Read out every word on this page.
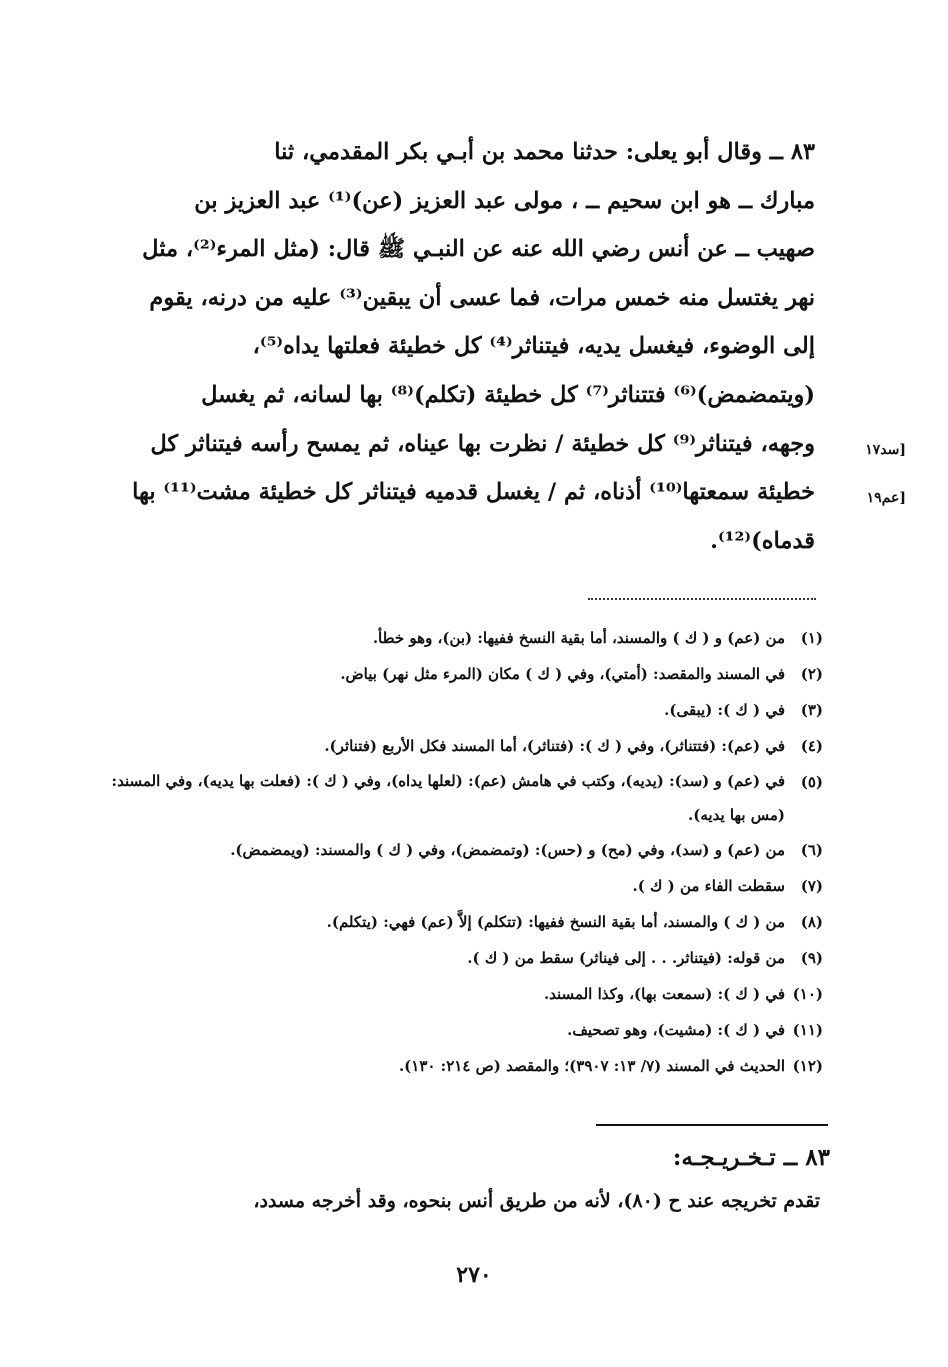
٨٣ ــ وقال أبو يعلى: حدثنا محمد بن أبـي بكر المقدمي، ثنا
مبارك ــ هو ابن سحيم ــ ، مولى عبد العزيز (عن)⁽¹⁾ عبد العزيز بن
صهيب ــ عن أنس رضي الله عنه عن النبـي ﷺ قال: (مثل المرء⁽²⁾، مثل
نهر يغتسل منه خمس مرات، فما عسى أن يبقين⁽³⁾ عليه من درنه، يقوم
إلى الوضوء، فيغسل يديه، فيتناثر⁽⁴⁾ كل خطيئة فعلتها يداه⁽⁵⁾،
(ويتمضمض)⁽⁶⁾ فتتناثر⁽⁷⁾ كل خطيئة (تكلم)⁽⁸⁾ بها لسانه، ثم يغسل
وجهه، فيتناثر⁽⁹⁾ كل خطيئة / نظرت بها عيناه، ثم يمسح رأسه فيتناثر كل
خطيئة سمعتها⁽¹⁰⁾ أذناه، ثم / يغسل قدميه فيتناثر كل خطيئة مشت⁽¹¹⁾ بها
قدماه)⁽¹²⁾.
[سد١٧
[عم١٩
(١)
من (عم) و ( ك ) والمسند، أما بقية النسخ ففيها: (بن)، وهو خطأ.
(٢)
في المسند والمقصد: (أمتي)، وفي ( ك ) مكان (المرء مثل نهر) بياض.
(٣)
في ( ك ): (يبقى).
(٤)
في (عم): (فتتناثر)، وفي ( ك ): (فتناثر)، أما المسند فكل الأربع (فتناثر).
(٥)
في (عم) و (سد): (يديه)، وكتب في هامش (عم): (لعلها يداه)، وفي ( ك ): (فعلت بها يديه)، وفي المسند: (مس بها يديه).
(٦)
من (عم) و (سد)، وفي (مح) و (حس): (وتمضمض)، وفي ( ك ) والمسند: (ويمضمض).
(٧)
سقطت الفاء من ( ك ).
(٨)
من ( ك ) والمسند، أما بقية النسخ ففيها: (تتكلم) إلاَّ (عم) فهي: (يتكلم).
(٩)
من قوله: (فيتناثر. . . إلى فيناثر) سقط من ( ك ).
(١٠)
في ( ك ): (سمعت بها)، وكذا المسند.
(١١)
في ( ك ): (مشيت)، وهو تصحيف.
(١٢)
الحديث في المسند (٧/ ١٣: ٣٩٠٧)؛ والمقصد (ص ٢١٤: ١٣٠).
٨٣ ــ تـخـريـجـه:
تقدم تخريجه عند ح (٨٠)، لأنه من طريق أنس بنحوه، وقد أخرجه مسدد،
٢٧٠
